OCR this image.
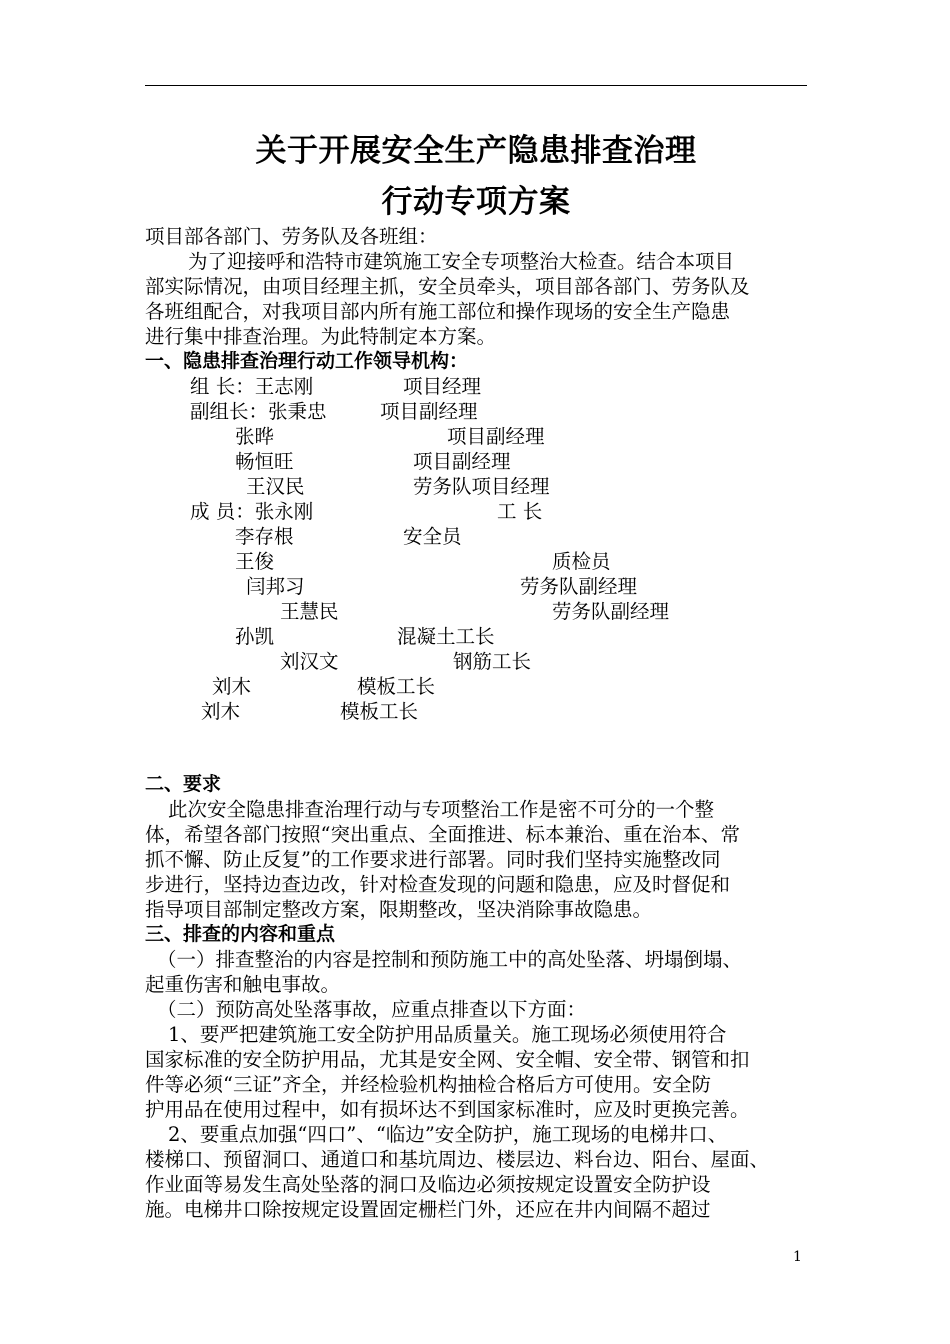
关于开展安全生产隐患排查治理
行动专项方案
项目部各部门、劳务队及各班组：
为了迎接呼和浩特市建筑施工安全专项整治大检查。结合本项目
部实际情况，由项目经理主抓，安全员牵头，项目部各部门、劳务队及
各班组配合，对我项目部内所有施工部位和操作现场的安全生产隐患
进行集中排查治理。为此特制定本方案。
一、隐患排查治理行动工作领导机构：
组 长：王志刚	项目经理
副组长：张秉忠	项目副经理
张晔	项目副经理
畅恒旺	项目副经理
王汉民	劳务队项目经理
成 员：张永刚	工 长
李存根	安全员
王俊	质检员
闫邦习	劳务队副经理
王慧民	劳务队副经理
孙凯	混凝土工长
刘汉文	钢筋工长
刘木	模板工长
刘木	模板工长
二、要求
此次安全隐患排查治理行动与专项整治工作是密不可分的一个整
体，希望各部门按照“突出重点、全面推进、标本兼治、重在治本、常
抓不懈、防止反复”的工作要求进行部署。同时我们坚持实施整改同
步进行，坚持边查边改，针对检查发现的问题和隐患，应及时督促和
指导项目部制定整改方案，限期整改，坚决消除事故隐患。
三、排查的内容和重点
（一）排查整治的内容是控制和预防施工中的高处坠落、坍塌倒塌、
起重伤害和触电事故。
（二）预防高处坠落事故，应重点排查以下方面：
1、要严把建筑施工安全防护用品质量关。施工现场必须使用符合
国家标准的安全防护用品，尤其是安全网、安全帽、安全带、钢管和扣
件等必须“三证”齐全，并经检验机构抽检合格后方可使用。安全防
护用品在使用过程中，如有损坏达不到国家标准时，应及时更换完善。
2、要重点加强“四口”、“临边”安全防护，施工现场的电梯井口、
楼梯口、预留洞口、通道口和基坑周边、楼层边、料台边、阳台、屋面、
作业面等易发生高处坠落的洞口及临边必须按规定设置安全防护设
施。电梯井口除按规定设置固定栅栏门外，还应在井内间隔不超过
1
